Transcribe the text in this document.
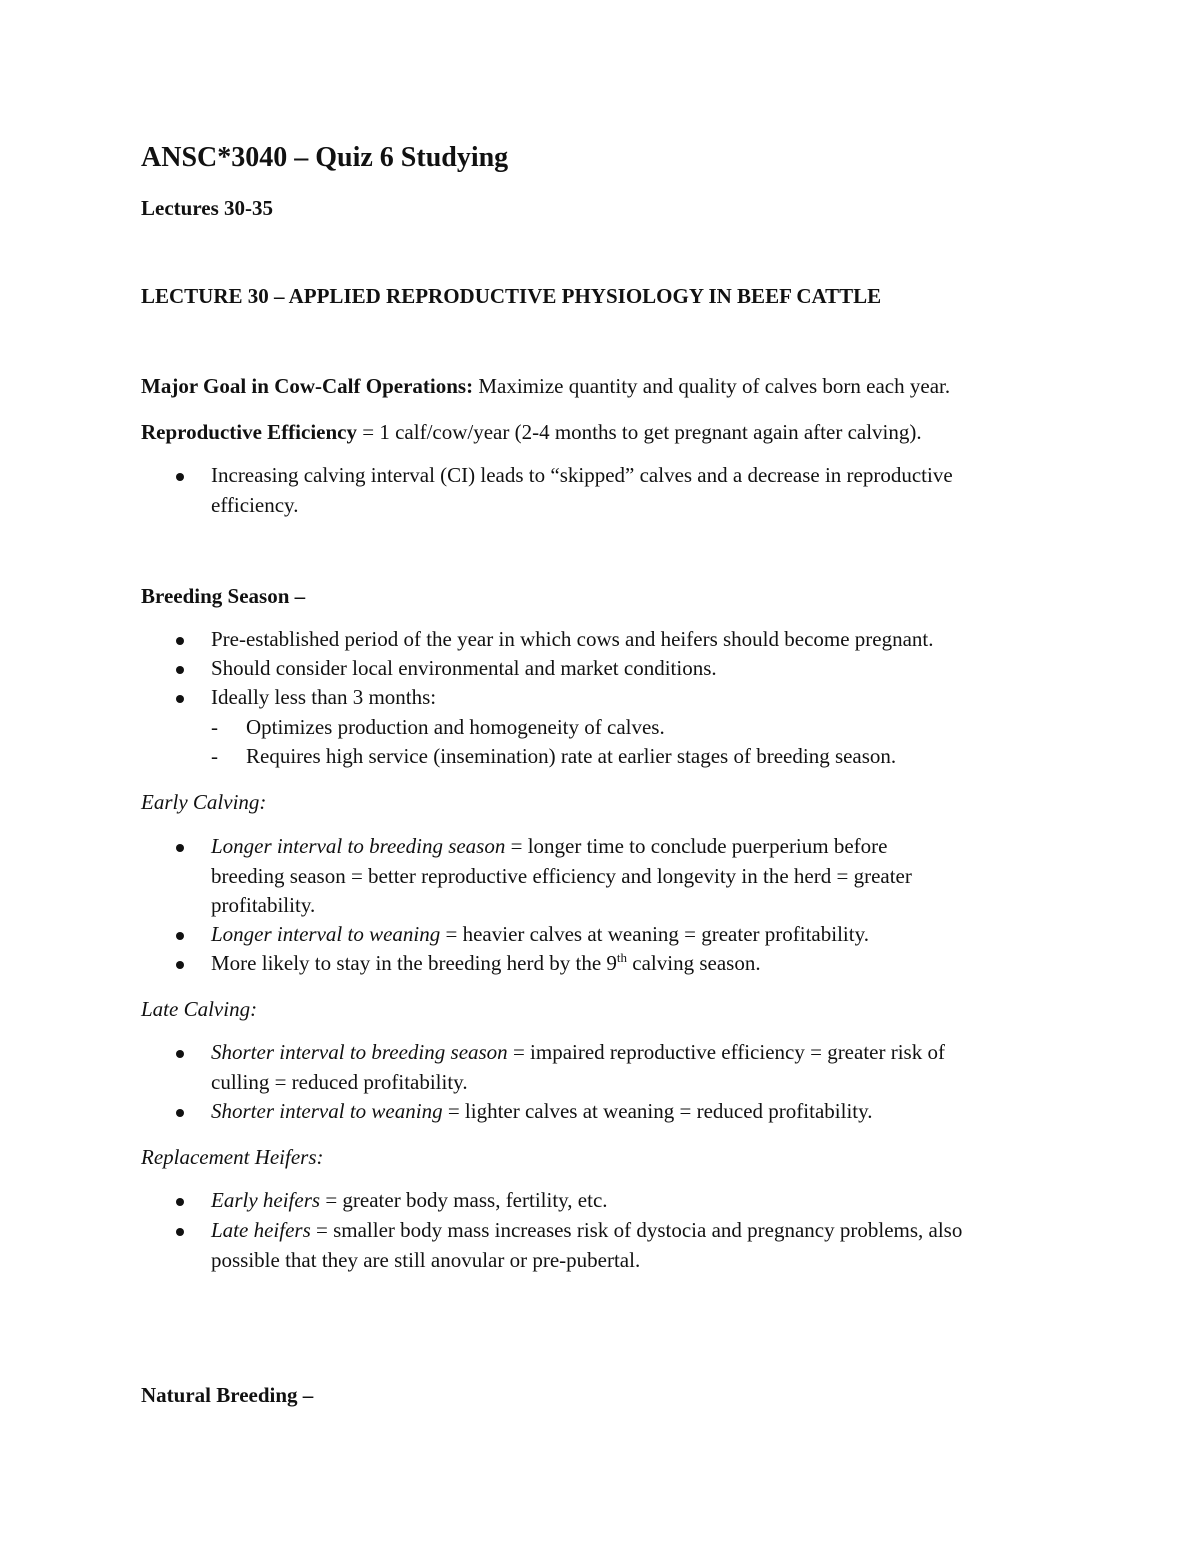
ANSC*3040 – Quiz 6 Studying
Lectures 30-35
LECTURE 30 – APPLIED REPRODUCTIVE PHYSIOLOGY IN BEEF CATTLE
Major Goal in Cow-Calf Operations: Maximize quantity and quality of calves born each year.
Reproductive Efficiency = 1 calf/cow/year (2-4 months to get pregnant again after calving).
Increasing calving interval (CI) leads to “skipped” calves and a decrease in reproductive
efficiency.
Breeding Season –
Pre-established period of the year in which cows and heifers should become pregnant.
Should consider local environmental and market conditions.
Ideally less than 3 months:
- Optimizes production and homogeneity of calves.
- Requires high service (insemination) rate at earlier stages of breeding season.
Early Calving:
Longer interval to breeding season = longer time to conclude puerperium before
breeding season = better reproductive efficiency and longevity in the herd = greater
profitability.
Longer interval to weaning = heavier calves at weaning = greater profitability.
More likely to stay in the breeding herd by the 9th calving season.
Late Calving:
Shorter interval to breeding season = impaired reproductive efficiency = greater risk of
culling = reduced profitability.
Shorter interval to weaning = lighter calves at weaning = reduced profitability.
Replacement Heifers:
Early heifers = greater body mass, fertility, etc.
Late heifers = smaller body mass increases risk of dystocia and pregnancy problems, also
possible that they are still anovular or pre-pubertal.
Natural Breeding –
